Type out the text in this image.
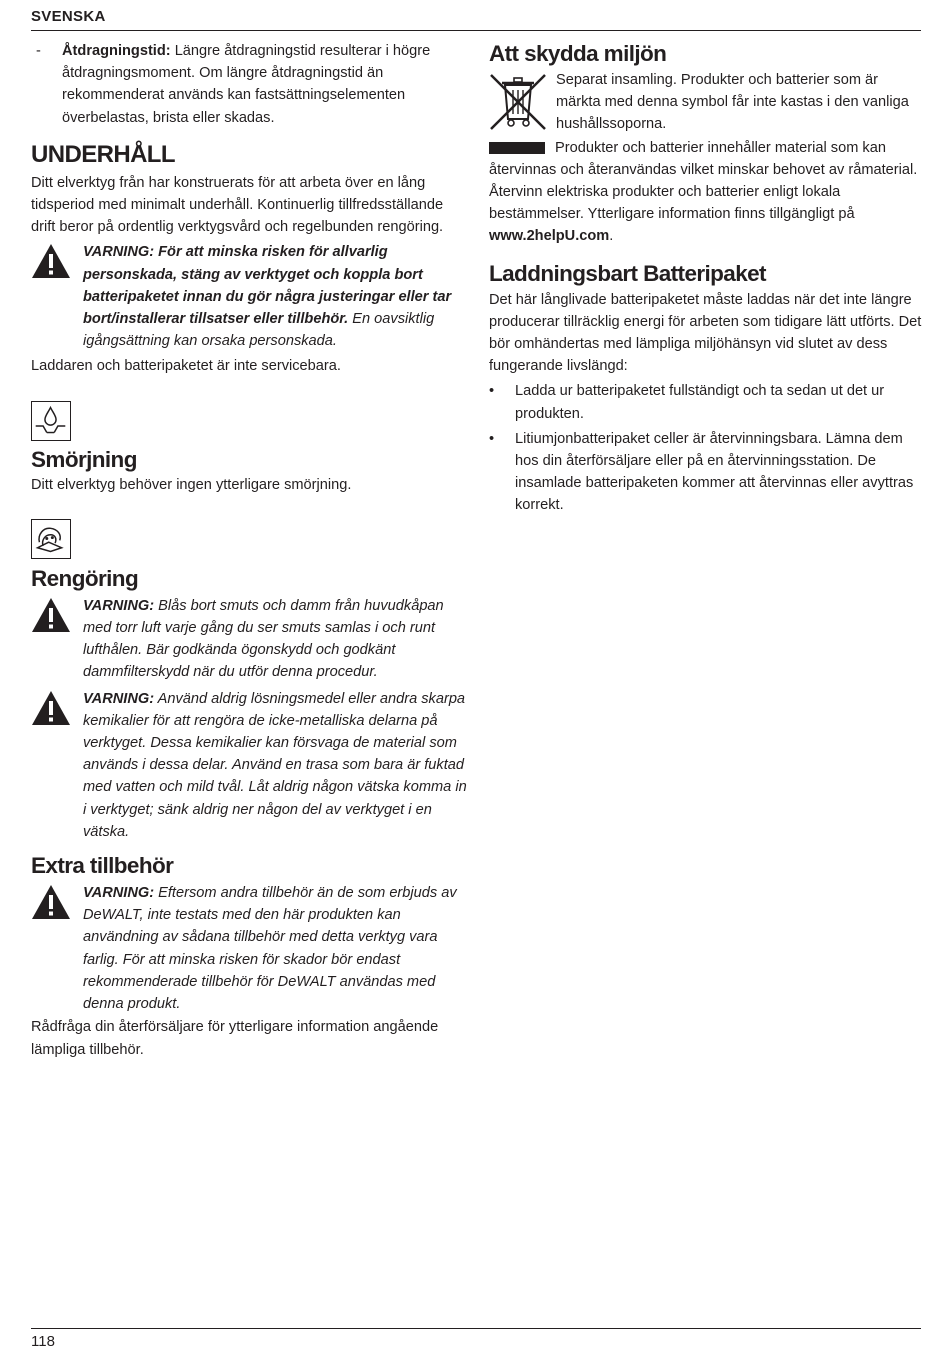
SVENSKA
- Åtdragningstid: Längre åtdragningstid resulterar i högre åtdragningsmoment. Om längre åtdragningstid än rekommenderat används kan fastsättningselementen överbelastas, brista eller skadas.

UNDERHÅLL

Ditt elverktyg från har konstruerats för att arbeta över en lång tidsperiod med minimalt underhåll. Kontinuerlig tillfredsställande drift beror på ordentlig verktygsvård och regelbunden rengöring.

VARNING: För att minska risken för allvarlig personskada, stäng av verktyget och koppla bort batteripaketet innan du gör några justeringar eller tar bort/installerar tillsatser eller tillbehör. En oavsiktlig igångsättning kan orsaka personskada.

Laddaren och batteripaketet är inte servicebara.

Smörjning

Ditt elverktyg behöver ingen ytterligare smörjning.

Rengöring

VARNING: Blås bort smuts och damm från huvudkåpan med torr luft varje gång du ser smuts samlas i och runt lufthålen. Bär godkända ögonskydd och godkänt dammfilterskydd när du utför denna procedur.

VARNING: Använd aldrig lösningsmedel eller andra skarpa kemikalier för att rengöra de icke-metalliska delarna på verktyget. Dessa kemikalier kan försvaga de material som används i dessa delar. Använd en trasa som bara är fuktad med vatten och mild tvål. Låt aldrig någon vätska komma in i verktyget; sänk aldrig ner någon del av verktyget i en vätska.

Extra tillbehör

VARNING: Eftersom andra tillbehör än de som erbjuds av DeWALT, inte testats med den här produkten kan användning av sådana tillbehör med detta verktyg vara farlig. För att minska risken för skador bör endast rekommenderade tillbehör för DeWALT användas med denna produkt.

Rådfråga din återförsäljare för ytterligare information angående lämpliga tillbehör.

Att skydda miljön

Separat insamling. Produkter och batterier som är märkta med denna symbol får inte kastas i den vanliga hushållssoporna.

Produkter och batterier innehåller material som kan återvinnas och återanvändas vilket minskar behovet av råmaterial. Återvinn elektriska produkter och batterier enligt lokala bestämmelser. Ytterligare information finns tillgängligt på www.2helpU.com.

Laddningsbart Batteripaket

Det här långlivade batteripaketet måste laddas när det inte längre producerar tillräcklig energi för arbeten som tidigare lätt utförts. Det bör omhändertas med lämpliga miljöhänsyn vid slutet av dess fungerande livslängd:

• Ladda ur batteripaketet fullständigt och ta sedan ut det ur produkten.

• Litiumjonbatteripaket celler är återvinningsbara. Lämna dem hos din återförsäljare eller på en återvinningsstation. De insamlade batteripaketen kommer att återvinnas eller avyttras korrekt.

118
